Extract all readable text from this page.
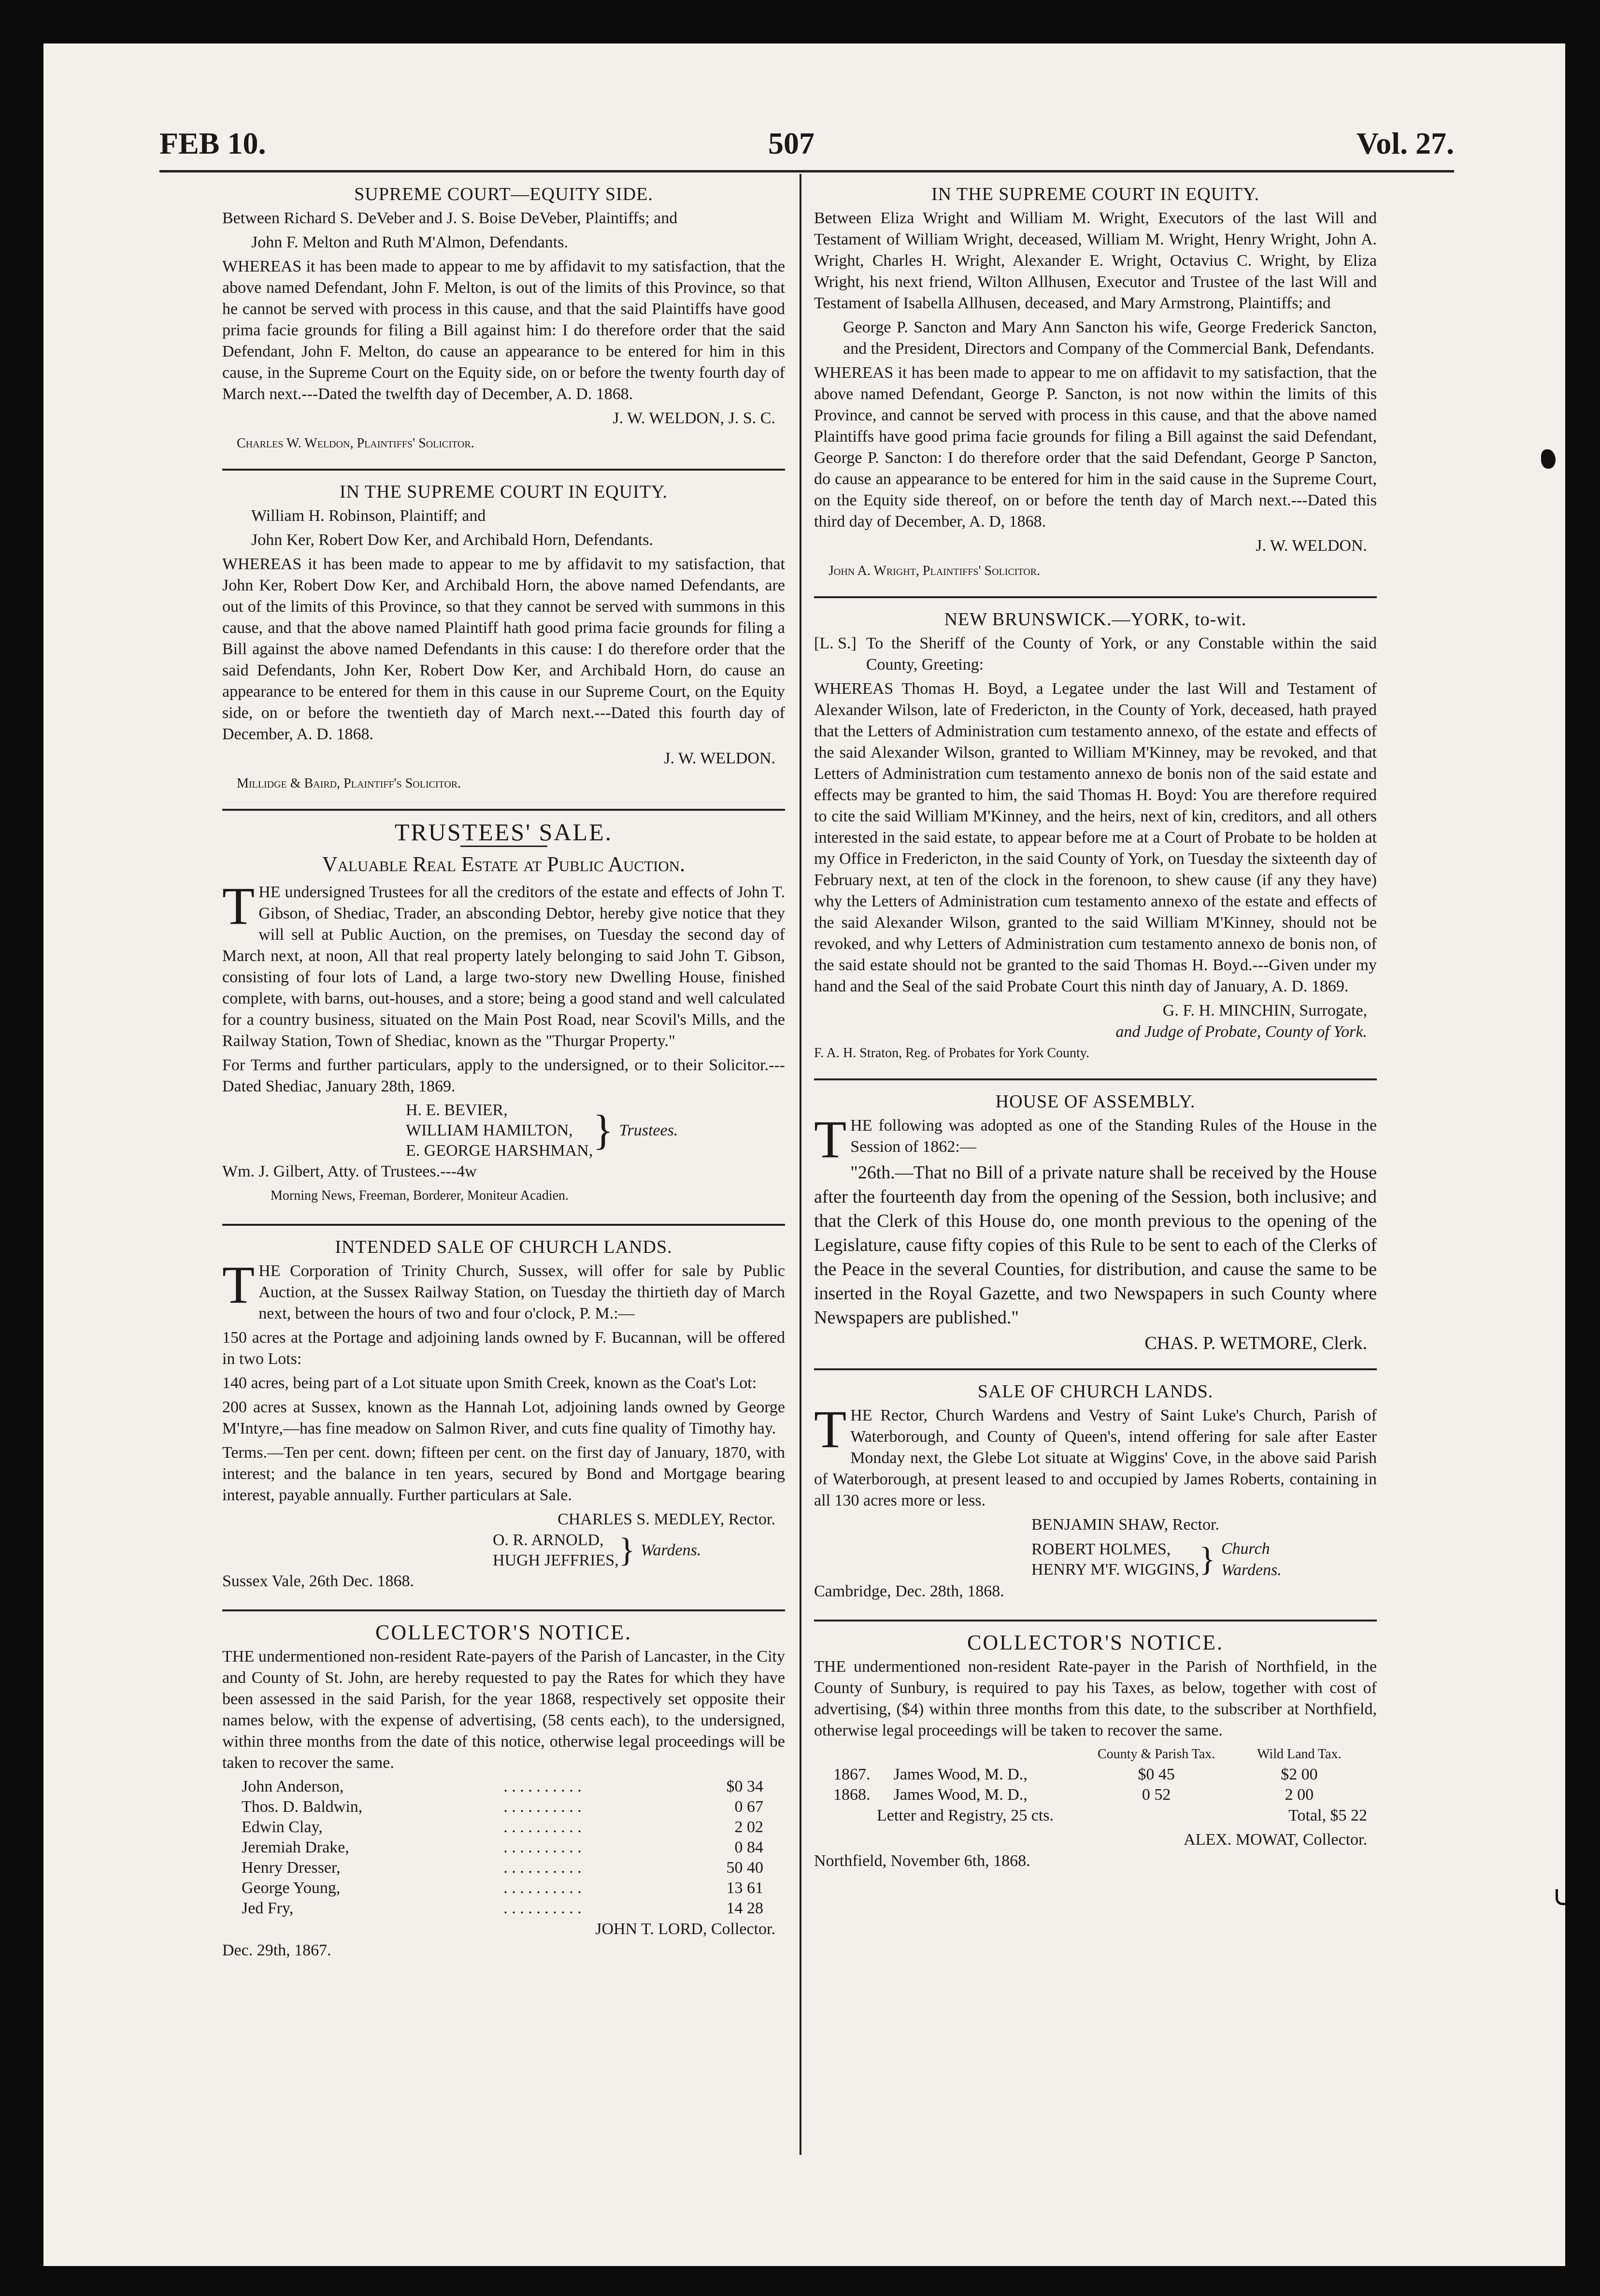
FEB 10.	507	Vol. 27.
SUPREME COURT—EQUITY SIDE.
Between Richard S. DeVeber and J. S. Boise DeVeber, Plaintiffs; and
John F. Melton and Ruth M'Almon, Defendants.
WHEREAS it has been made to appear to me by affidavit to my satisfaction, that the above named Defendant, John F. Melton, is out of the limits of this Province, so that he cannot be served with process in this cause, and that the said Plaintiffs have good prima facie grounds for filing a Bill against him: I do therefore order that the said Defendant, John F. Melton, do cause an appearance to be entered for him in this cause, in the Supreme Court on the Equity side, on or before the twenty fourth day of March next.---Dated the twelfth day of December, A. D. 1868.
J. W. WELDON, J. S. C.
Charles W. Weldon, Plaintiffs' Solicitor.
IN THE SUPREME COURT IN EQUITY.
William H. Robinson, Plaintiff; and
John Ker, Robert Dow Ker, and Archibald Horn, Defendants.
WHEREAS it has been made to appear to me by affidavit to my satisfaction, that John Ker, Robert Dow Ker, and Archibald Horn, the above named Defendants, are out of the limits of this Province, so that they cannot be served with summons in this cause, and that the above named Plaintiff hath good prima facie grounds for filing a Bill against the above named Defendants in this cause: I do therefore order that the said Defendants, John Ker, Robert Dow Ker, and Archibald Horn, do cause an appearance to be entered for them in this cause in our Supreme Court, on the Equity side, on or before the twentieth day of March next.---Dated this fourth day of December, A. D. 1868.
J. W. WELDON.
Millidge & Baird, Plaintiff's Solicitor.
TRUSTEES' SALE.
Valuable Real Estate at Public Auction.
THE undersigned Trustees for all the creditors of the estate and effects of John T. Gibson, of Shediac, Trader, an absconding Debtor, hereby give notice that they will sell at Public Auction, on the premises, on Tuesday the second day of March next, at noon, All that real property lately belonging to said John T. Gibson, consisting of four lots of Land, a large two-story new Dwelling House, finished complete, with barns, out-houses, and a store; being a good stand and well calculated for a country business, situated on the Main Post Road, near Scovil's Mills, and the Railway Station, Town of Shediac, known as the "Thurgar Property."
For Terms and further particulars, apply to the undersigned, or to their Solicitor.---Dated Shediac, January 28th, 1869.
H. E. BEVIER,
WILLIAM HAMILTON,
E. GEORGE HARSHMAN, } Trustees.
Wm. J. Gilbert, Atty. of Trustees.---4w
Morning News, Freeman, Borderer, Moniteur Acadien.
INTENDED SALE OF CHURCH LANDS.
THE Corporation of Trinity Church, Sussex, will offer for sale by Public Auction, at the Sussex Railway Station, on Tuesday the thirtieth day of March next, between the hours of two and four o'clock, P. M.:—
150 acres at the Portage and adjoining lands owned by F. Bucannan, will be offered in two Lots:
140 acres, being part of a Lot situate upon Smith Creek, known as the Coat's Lot:
200 acres at Sussex, known as the Hannah Lot, adjoining lands owned by George M'Intyre,—has fine meadow on Salmon River, and cuts fine quality of Timothy hay.
Terms.—Ten per cent. down; fifteen per cent. on the first day of January, 1870, with interest; and the balance in ten years, secured by Bond and Mortgage bearing interest, payable annually. Further particulars at Sale.
CHARLES S. MEDLEY, Rector.
O. R. ARNOLD,
HUGH JEFFRIES, } Wardens.
Sussex Vale, 26th Dec. 1868.
COLLECTOR'S NOTICE.
THE undermentioned non-resident Rate-payers of the Parish of Lancaster, in the City and County of St. John, are hereby requested to pay the Rates for which they have been assessed in the said Parish, for the year 1868, respectively set opposite their names below, with the expense of advertising, (58 cents each), to the undersigned, within three months from the date of this notice, otherwise legal proceedings will be taken to recover the same.
John Anderson,	. . . . . . . . . .	$0 34
Thos. D. Baldwin,	. . . . . . . . . .	0 67
Edwin Clay,	. . . . . . . . . .	2 02
Jeremiah Drake,	. . . . . . . . . .	0 84
Henry Dresser,	. . . . . . . . . .	50 40
George Young,	. . . . . . . . . .	13 61
Jed Fry,	. . . . . . . . . .	14 28
JOHN T. LORD, Collector.
Dec. 29th, 1867.
IN THE SUPREME COURT IN EQUITY.
Between Eliza Wright and William M. Wright, Executors of the last Will and Testament of William Wright, deceased, William M. Wright, Henry Wright, John A. Wright, Charles H. Wright, Alexander E. Wright, Octavius C. Wright, by Eliza Wright, his next friend, Wilton Allhusen, Executor and Trustee of the last Will and Testament of Isabella Allhusen, deceased, and Mary Armstrong, Plaintiffs; and
George P. Sancton and Mary Ann Sancton his wife, George Frederick Sancton, and the President, Directors and Company of the Commercial Bank, Defendants.
WHEREAS it has been made to appear to me on affidavit to my satisfaction, that the above named Defendant, George P. Sancton, is not now within the limits of this Province, and cannot be served with process in this cause, and that the above named Plaintiffs have good prima facie grounds for filing a Bill against the said Defendant, George P. Sancton: I do therefore order that the said Defendant, George P Sancton, do cause an appearance to be entered for him in the said cause in the Supreme Court, on the Equity side thereof, on or before the tenth day of March next.---Dated this third day of December, A. D, 1868.
J. W. WELDON.
John A. Wright, Plaintiffs' Solicitor.
NEW BRUNSWICK.—YORK, to-wit.
[L. S.] To the Sheriff of the County of York, or any Constable within the said County, Greeting:
WHEREAS Thomas H. Boyd, a Legatee under the last Will and Testament of Alexander Wilson, late of Fredericton, in the County of York, deceased, hath prayed that the Letters of Administration cum testamento annexo, of the estate and effects of the said Alexander Wilson, granted to William M'Kinney, may be revoked, and that Letters of Administration cum testamento annexo de bonis non of the said estate and effects may be granted to him, the said Thomas H. Boyd: You are therefore required to cite the said William M'Kinney, and the heirs, next of kin, creditors, and all others interested in the said estate, to appear before me at a Court of Probate to be holden at my Office in Fredericton, in the said County of York, on Tuesday the sixteenth day of February next, at ten of the clock in the forenoon, to shew cause (if any they have) why the Letters of Administration cum testamento annexo of the estate and effects of the said Alexander Wilson, granted to the said William M'Kinney, should not be revoked, and why Letters of Administration cum testamento annexo de bonis non, of the said estate should not be granted to the said Thomas H. Boyd.---Given under my hand and the Seal of the said Probate Court this ninth day of January, A. D. 1869.
G. F. H. MINCHIN, Surrogate,
and Judge of Probate, County of York.
F. A. H. Straton, Reg. of Probates for York County.
HOUSE OF ASSEMBLY.
THE following was adopted as one of the Standing Rules of the House in the Session of 1862:—
"26th.—That no Bill of a private nature shall be received by the House after the fourteenth day from the opening of the Session, both inclusive; and that the Clerk of this House do, one month previous to the opening of the Legislature, cause fifty copies of this Rule to be sent to each of the Clerks of the Peace in the several Counties, for distribution, and cause the same to be inserted in the Royal Gazette, and two Newspapers in such County where Newspapers are published."
CHAS. P. WETMORE, Clerk.
SALE OF CHURCH LANDS.
THE Rector, Church Wardens and Vestry of Saint Luke's Church, Parish of Waterborough, and County of Queen's, intend offering for sale after Easter Monday next, the Glebe Lot situate at Wiggins' Cove, in the above said Parish of Waterborough, at present leased to and occupied by James Roberts, containing in all 130 acres more or less.
BENJAMIN SHAW, Rector.
ROBERT HOLMES,
HENRY M'F. WIGGINS, } Church
Wardens.
Cambridge, Dec. 28th, 1868.
COLLECTOR'S NOTICE.
THE undermentioned non-resident Rate-payer in the Parish of Northfield, in the County of Sunbury, is required to pay his Taxes, as below, together with cost of advertising, ($4) within three months from this date, to the subscriber at Northfield, otherwise legal proceedings will be taken to recover the same.
		County & Parish Tax.	Wild Land Tax.
1867.	James Wood, M. D.,	$0 45	$2 00
1868.	James Wood, M. D.,	0 52	2 00
Letter and Registry, 25 cts.	Total, $5 22
ALEX. MOWAT, Collector.
Northfield, November 6th, 1868.
